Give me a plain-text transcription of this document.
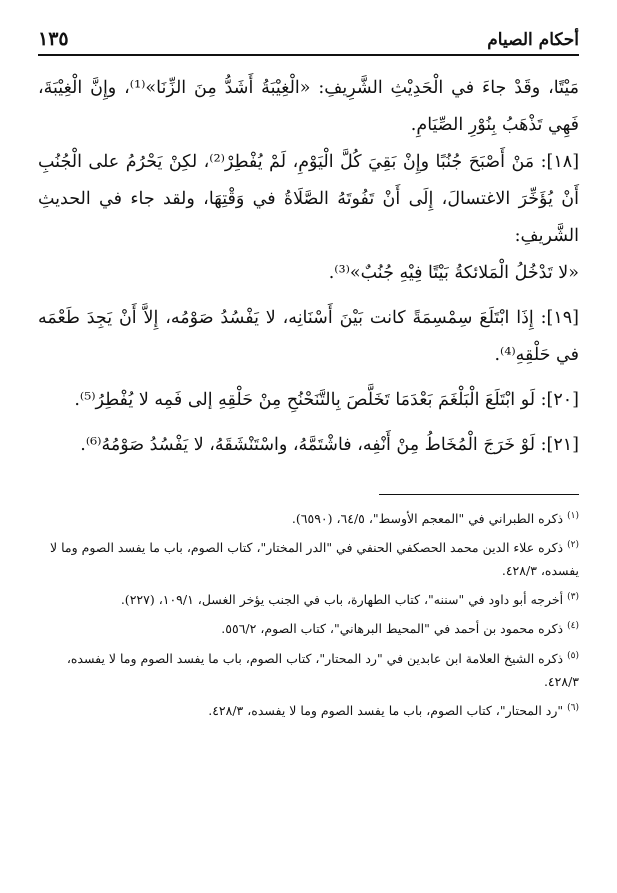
أحكام الصيام
١٣٥

مَيْتًا، وقَدْ جاءَ في الْحَدِيْثِ الشَّرِيفِ: «الْغِيْبَةُ أَشَدُّ مِنَ الزِّنَا»⁽¹⁾، وإِنَّ الْغِيْبَةَ، فَهِي تَذْهَبُ بِنُوْرِ الصِّيَامِ.

[١٨]: مَنْ أَصْبَحَ جُنُبًا وإِنْ بَقِيَ كُلَّ الْيَوْمِ، لَمْ يُفْطِرْ⁽²⁾، لكِنْ يَحْرُمُ على الْجُنُبِ أَنْ يُؤَخِّرَ الاغتسالَ، إِلَى أَنْ تَفُوتَهُ الصَّلَاةُ في وَقْتِهَا، ولقد جاء في الحديثِ الشَّريفِ:

«لا تَدْخُلُ الْمَلائكةُ بَيْتًا فِيْهِ جُنُبٌ»⁽³⁾.

[١٩]: إِذَا ابْتَلَعَ سِمْسِمَةً كانت بَيْنَ أَسْنَانِه، لا يَفْسُدُ صَوْمُه، إِلاَّ أَنْ يَجِدَ طَعْمَه في حَلْقِهِ⁽⁴⁾.

[٢٠]: لَو ابْتَلَعَ الْبَلْغَمَ بَعْدَمَا تَخَلَّصَ بِالتَّنَحْنُحِ مِنْ حَلْقِهِ إلى فَمِه لا يُفْطِرُ⁽⁵⁾.

[٢١]: لَوْ خَرَجَ الْمُخَاطُ مِنْ أَنْفِه، فاشْتَمَّهُ، واسْتَنْشَقَهُ، لا يَفْسُدُ صَوْمُهُ⁽⁶⁾.

$^{(١)}$ذكره الطبراني في "المعجم الأوسط"، ٦٤/٥، (٦٥٩٠).

$^{(٢)}$ذكره علاء الدين محمد الحصكفي الحنفي في "الدر المختار"، كتاب الصوم، باب ما يفسد الصوم وما لا يفسده، ٤٢٨/٣.

$^{(٣)}$أخرجه أبو داود في "سننه"، كتاب الطهارة، باب في الجنب يؤخر الغسل، ١٠٩/١، (٢٢٧).

$^{(٤)}$ذكره محمود بن أحمد في "المحيط البرهاني"، كتاب الصوم، ٥٥٦/٢.

$^{(٥)}$ذكره الشيخ العلامة ابن عابدين في "رد المحتار"، كتاب الصوم، باب ما يفسد الصوم وما لا يفسده، ٤٢٨/٣.

$^{(٦)}$"رد المحتار"، كتاب الصوم، باب ما يفسد الصوم وما لا يفسده، ٤٢٨/٣.
